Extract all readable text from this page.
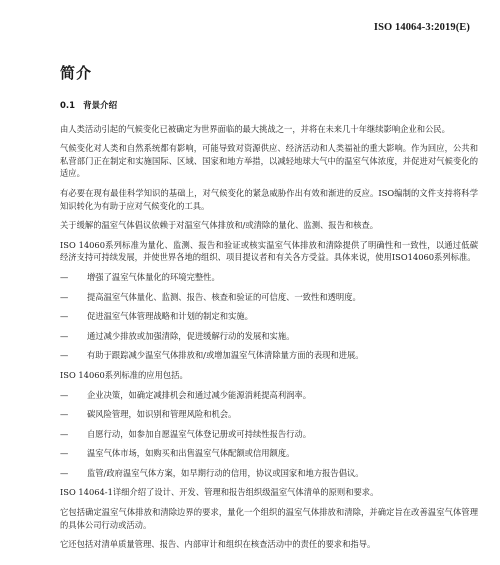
ISO 14064-3:2019(E)
简介
0.1 背景介绍

由人类活动引起的气候变化已被确定为世界面临的最大挑战之一，并将在未来几十年继续影响企业和公民。

气候变化对人类和自然系统都有影响，可能导致对资源供应、经济活动和人类福祉的重大影响。作为回应，公共和私营部门正在制定和实施国际、区域、国家和地方举措，以减轻地球大气中的温室气体浓度，并促进对气候变化的适应。

有必要在现有最佳科学知识的基础上，对气候变化的紧急威胁作出有效和渐进的反应。ISO编制的文件支持将科学知识转化为有助于应对气候变化的工具。

关于缓解的温室气体倡议依赖于对温室气体排放和/或清除的量化、监测、报告和核查。

ISO 14060系列标准为量化、监测、报告和验证或核实温室气体排放和清除提供了明确性和一致性，以通过低碳经济支持可持续发展，并使世界各地的组织、项目提议者和有关各方受益。具体来说，使用ISO14060系列标准。

— 增强了温室气体量化的环境完整性。
— 提高温室气体量化、监测、报告、核查和验证的可信度、一致性和透明度。
— 促进温室气体管理战略和计划的制定和实施。
— 通过减少排放或加强清除，促进缓解行动的发展和实施。
— 有助于跟踪减少温室气体排放和/或增加温室气体清除量方面的表现和进展。

ISO 14060系列标准的应用包括。

— 企业决策，如确定减排机会和通过减少能源消耗提高利润率。
— 碳风险管理，如识别和管理风险和机会。
— 自愿行动，如参加自愿温室气体登记册或可持续性报告行动。
— 温室气体市场，如购买和出售温室气体配额或信用额度。
— 监管/政府温室气体方案，如早期行动的信用，协议或国家和地方报告倡议。

ISO 14064-1详细介绍了设计、开发、管理和报告组织级温室气体清单的原则和要求。

它包括确定温室气体排放和清除边界的要求，量化一个组织的温室气体排放和清除，并确定旨在改善温室气体管理的具体公司行动或活动。

它还包括对清单质量管理、报告、内部审计和组织在核查活动中的责任的要求和指导。
